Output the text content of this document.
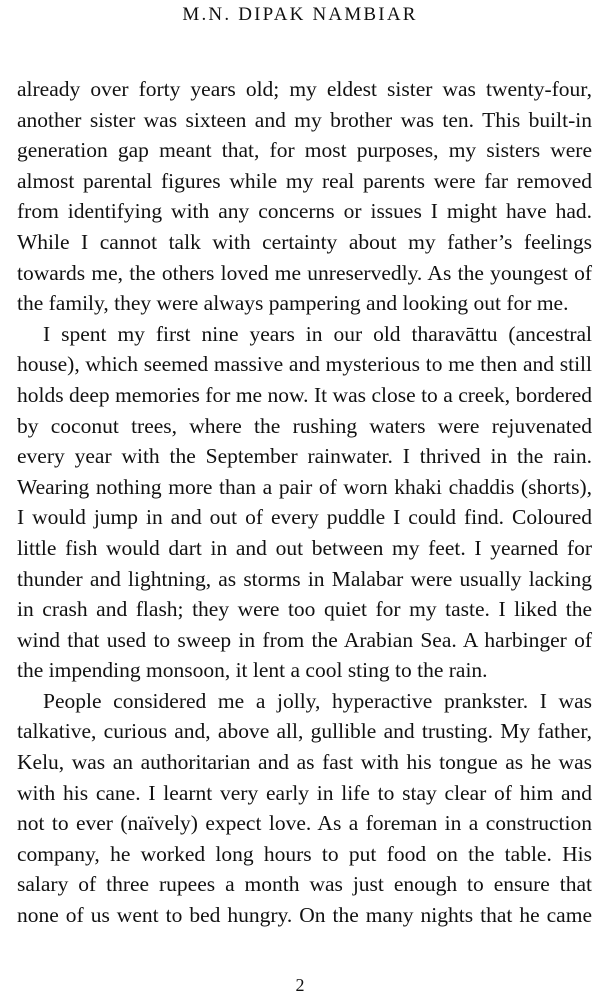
M.N. DIPAK NAMBIAR
already over forty years old; my eldest sister was twenty-four,
another sister was sixteen and my brother was ten. This built-in
generation gap meant that, for most purposes, my sisters were
almost parental figures while my real parents were far removed
from identifying with any concerns or issues I might have had.
While I cannot talk with certainty about my father’s feelings
towards me, the others loved me unreservedly. As the youngest of
the family, they were always pampering and looking out for me.
I spent my first nine years in our old tharavāttu (ancestral
house), which seemed massive and mysterious to me then and still
holds deep memories for me now. It was close to a creek, bordered
by coconut trees, where the rushing waters were rejuvenated
every year with the September rainwater. I thrived in the rain.
Wearing nothing more than a pair of worn khaki chaddis (shorts),
I would jump in and out of every puddle I could find. Coloured
little fish would dart in and out between my feet. I yearned for
thunder and lightning, as storms in Malabar were usually lacking
in crash and flash; they were too quiet for my taste. I liked the
wind that used to sweep in from the Arabian Sea. A harbinger of
the impending monsoon, it lent a cool sting to the rain.
People considered me a jolly, hyperactive prankster. I was
talkative, curious and, above all, gullible and trusting. My father,
Kelu, was an authoritarian and as fast with his tongue as he was
with his cane. I learnt very early in life to stay clear of him and
not to ever (naïvely) expect love. As a foreman in a construction
company, he worked long hours to put food on the table. His
salary of three rupees a month was just enough to ensure that
none of us went to bed hungry. On the many nights that he came
2
